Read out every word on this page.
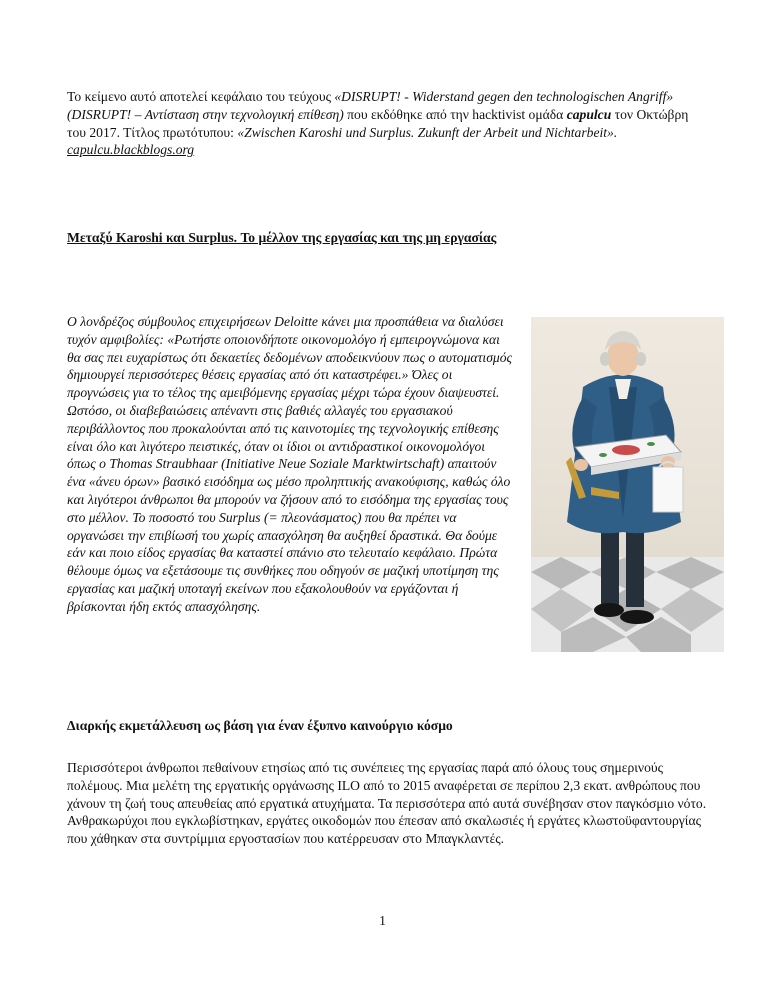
Το κείμενο αυτό αποτελεί κεφάλαιο του τεύχους «DISRUPT! - Widerstand gegen den technologischen Angriff» (DISRUPT! – Αντίσταση στην τεχνολογική επίθεση) που εκδόθηκε από την hacktivist ομάδα capulcu τον Οκτώβρη του 2017. Τίτλος πρωτότυπου: «Zwischen Karoshi und Surplus. Zukunft der Arbeit und Nichtarbeit». capulcu.blackblogs.org

Μεταξύ Karoshi και Surplus. Το μέλλον της εργασίας και της μη εργασίας

Ο λονδρέζος σύμβουλος επιχειρήσεων Deloitte κάνει μια προσπάθεια να διαλύσει τυχόν αμφιβολίες: «Ρωτήστε οποιονδήποτε οικονομολόγο ή εμπειρογνώμονα και θα σας πει ευχαρίστως ότι δεκαετίες δεδομένων αποδεικνύουν πως ο αυτοματισμός δημιουργεί περισσότερες θέσεις εργασίας από ότι καταστρέφει.» Όλες οι προγνώσεις για το τέλος της αμειβόμενης εργασίας μέχρι τώρα έχουν διαψευστεί. Ωστόσο, οι διαβεβαιώσεις απέναντι στις βαθιές αλλαγές του εργασιακού περιβάλλοντος που προκαλούνται από τις καινοτομίες της τεχνολογικής επίθεσης είναι όλο και λιγότερο πειστικές, όταν οι ίδιοι οι αντιδραστικοί οικονομολόγοι όπως ο Thomas Straubhaar (Initiative Neue Soziale Marktwirtschaft) απαιτούν ένα «άνευ όρων» βασικό εισόδημα ως μέσο προληπτικής ανακούφισης, καθώς όλο και λιγότεροι άνθρωποι θα μπορούν να ζήσουν από το εισόδημα της εργασίας τους στο μέλλον. Το ποσοστό του Surplus (= πλεονάσματος) που θα πρέπει να οργανώσει την επιβίωσή του χωρίς απασχόληση θα αυξηθεί δραστικά. Θα δούμε εάν και ποιο είδος εργασίας θα καταστεί σπάνιο στο τελευταίο κεφάλαιο. Πρώτα θέλουμε όμως να εξετάσουμε τις συνθήκες που οδηγούν σε μαζική υποτίμηση της εργασίας και μαζική υποταγή εκείνων που εξακολουθούν να εργάζονται ή βρίσκονται ήδη εκτός απασχόλησης.

Διαρκής εκμετάλλευση ως βάση για έναν έξυπνο καινούργιο κόσμο

Περισσότεροι άνθρωποι πεθαίνουν ετησίως από τις συνέπειες της εργασίας παρά από όλους τους σημερινούς πολέμους. Μια μελέτη της εργατικής οργάνωσης ILO από το 2015 αναφέρεται σε περίπου 2,3 εκατ. ανθρώπους που χάνουν τη ζωή τους απευθείας από εργατικά ατυχήματα. Τα περισσότερα από αυτά συνέβησαν στον παγκόσμιο νότο. Ανθρακωρύχοι που εγκλωβίστηκαν, εργάτες οικοδομών που έπεσαν από σκαλωσιές ή εργάτες κλωστοϋφαντουργίας που χάθηκαν στα συντρίμμια εργοστασίων που κατέρρευσαν στο Μπαγκλαντές.

1
